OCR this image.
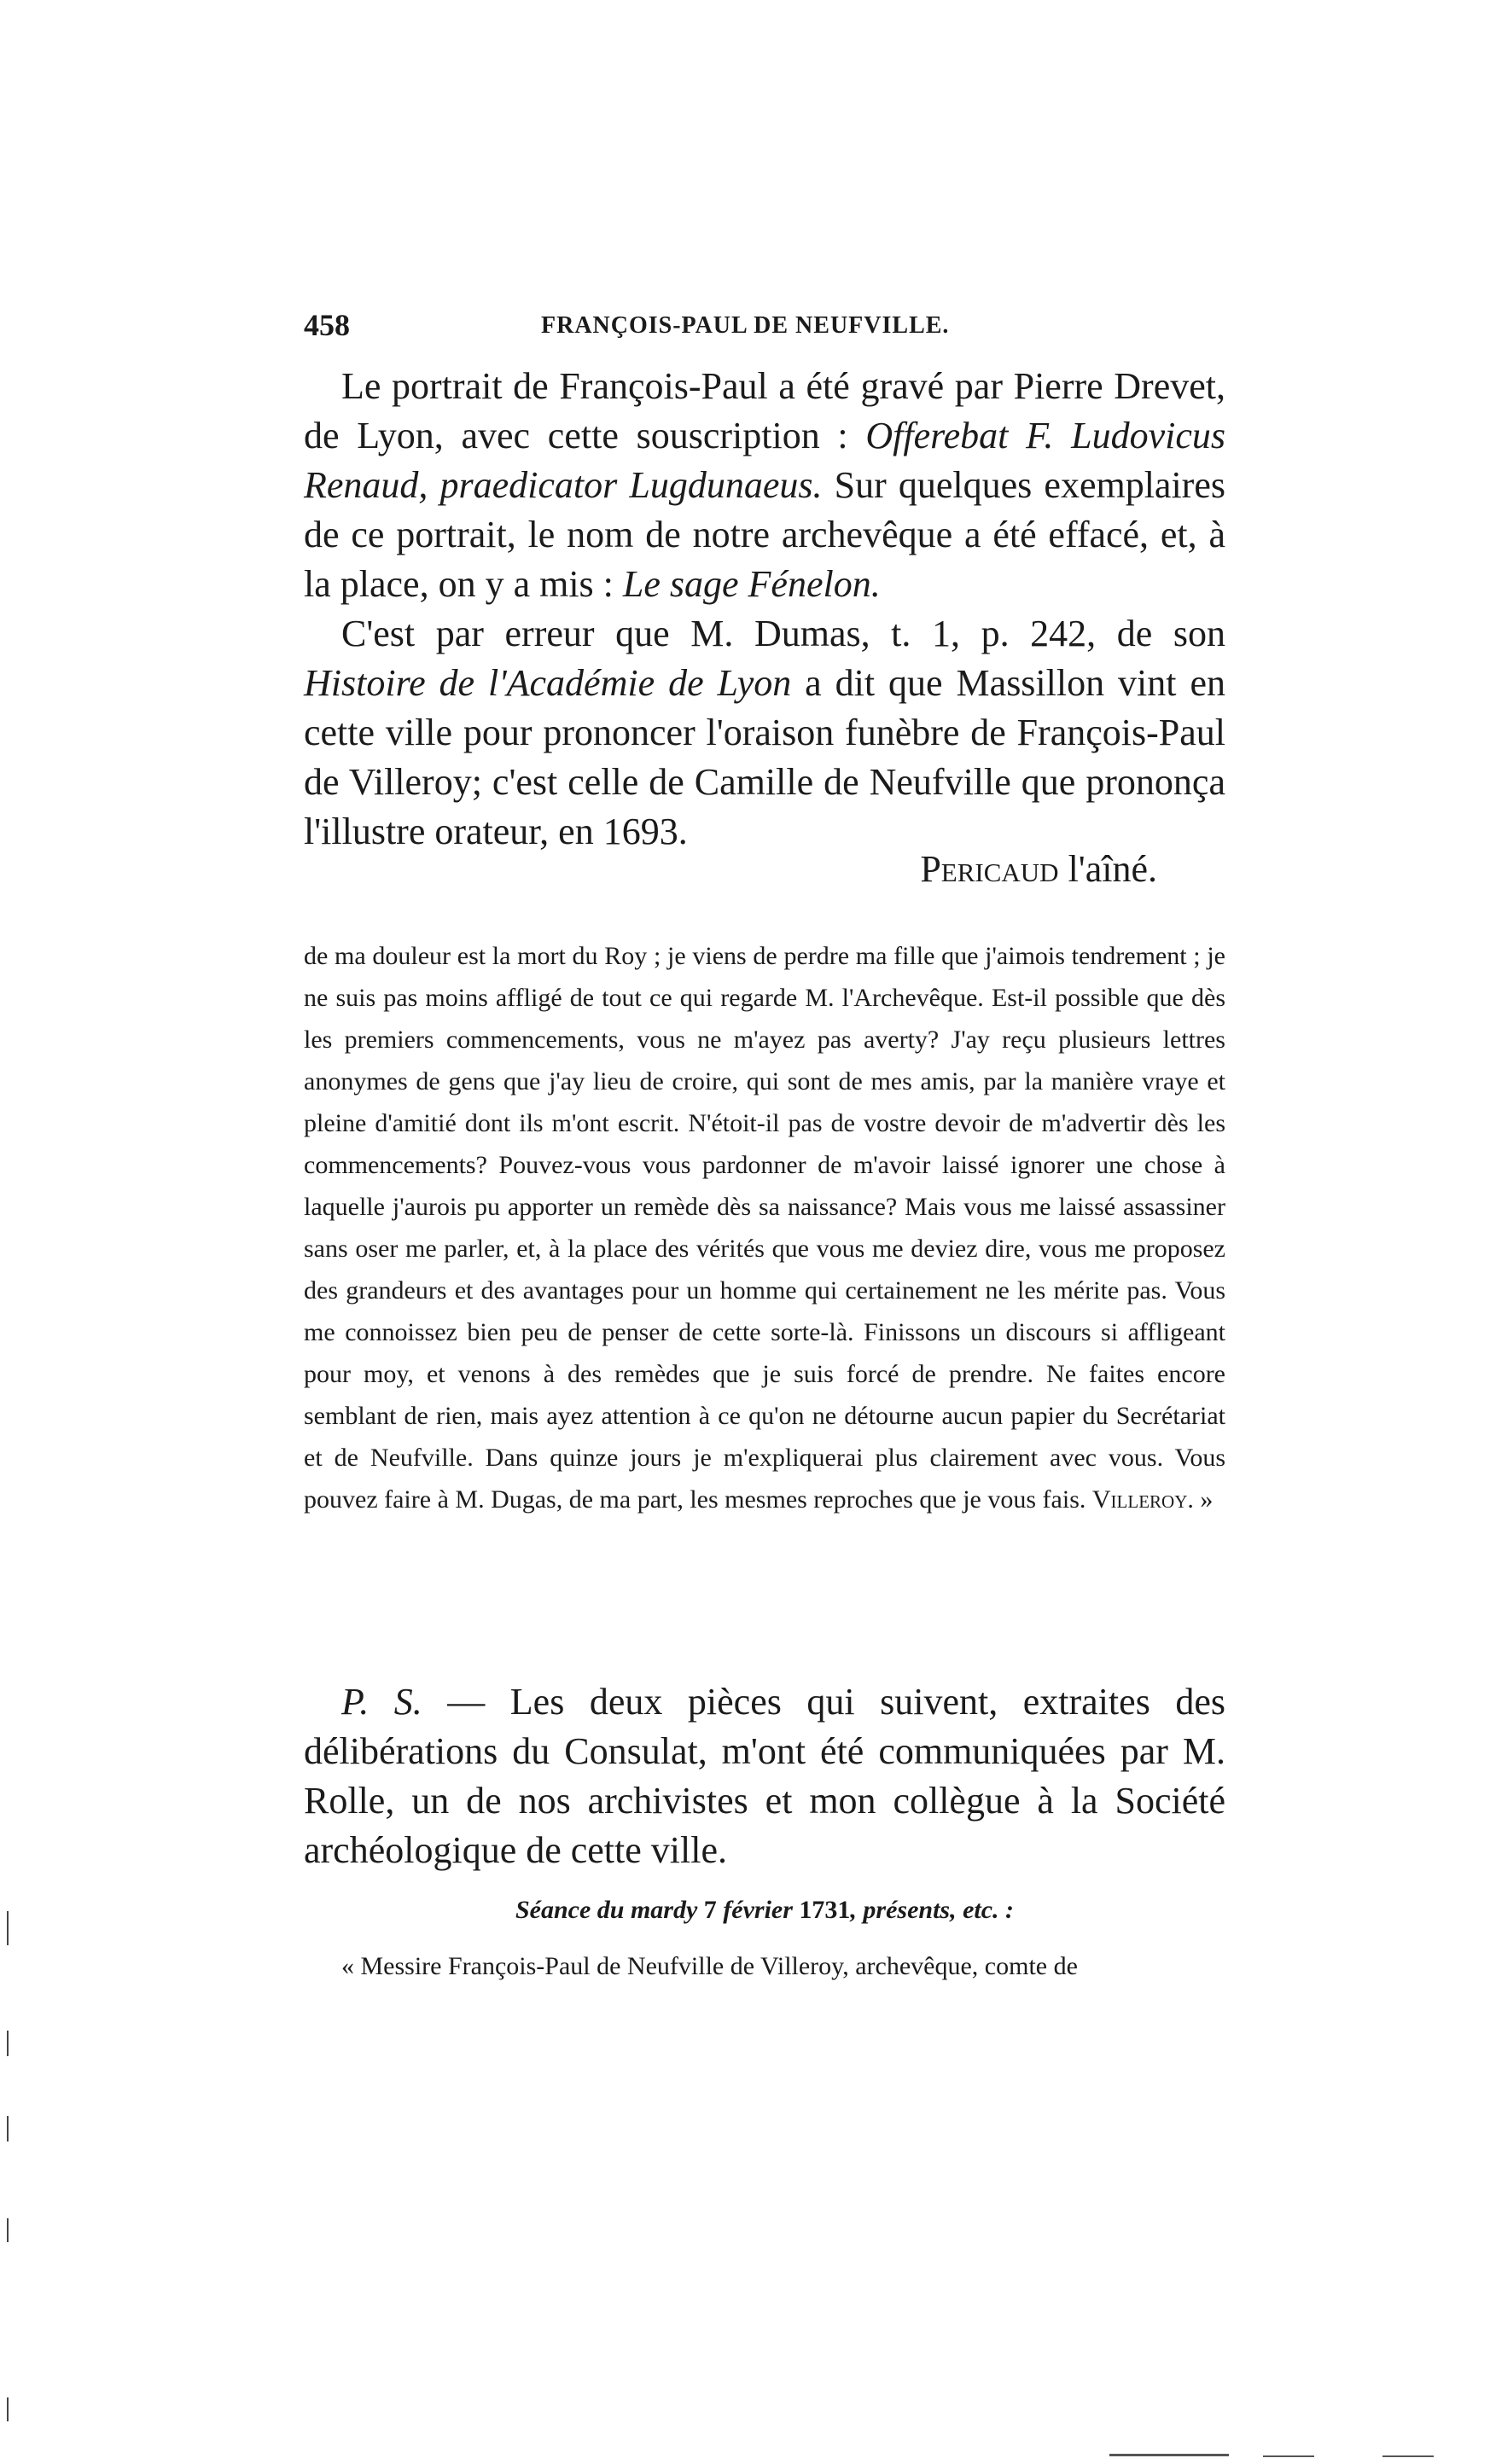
458	FRANÇOIS-PAUL DE NEUFVILLE.

Le portrait de François-Paul a été gravé par Pierre Drevet, de Lyon, avec cette souscription : Offerebat F. Ludovicus Renaud, praedicator Lugdunaeus. Sur quelques exemplaires de ce portrait, le nom de notre archevêque a été effacé, et, à la place, on y a mis : Le sage Fénelon.

C'est par erreur que M. Dumas, t. 1, p. 242, de son Histoire de l'Académie de Lyon a dit que Massillon vint en cette ville pour prononcer l'oraison funèbre de François-Paul de Villeroy; c'est celle de Camille de Neufville que prononça l'illustre orateur, en 1693.

Pericaud l'aîné.

de ma douleur est la mort du Roy ; je viens de perdre ma fille que j'aimois tendrement ; je ne suis pas moins affligé de tout ce qui regarde M. l'Archevêque. Est-il possible que dès les premiers commencements, vous ne m'ayez pas averty? J'ay reçu plusieurs lettres anonymes de gens que j'ay lieu de croire, qui sont de mes amis, par la manière vraye et pleine d'amitié dont ils m'ont escrit. N'étoit-il pas de vostre devoir de m'advertir dès les commencements? Pouvez-vous vous pardonner de m'avoir laissé ignorer une chose à laquelle j'aurois pu apporter un remède dès sa naissance? Mais vous me laissé assassiner sans oser me parler, et, à la place des vérités que vous me deviez dire, vous me proposez des grandeurs et des avantages pour un homme qui certainement ne les mérite pas. Vous me connoissez bien peu de penser de cette sorte-là. Finissons un discours si affligeant pour moy, et venons à des remèdes que je suis forcé de prendre. Ne faites encore semblant de rien, mais ayez attention à ce qu'on ne détourne aucun papier du Secrétariat et de Neufville. Dans quinze jours je m'expliquerai plus clairement avec vous. Vous pouvez faire à M. Dugas, de ma part, les mesmes reproches que je vous fais. Villeroy. »

P. S. — Les deux pièces qui suivent, extraites des délibérations du Consulat, m'ont été communiquées par M. Rolle, un de nos archivistes et mon collègue à la Société archéologique de cette ville.

Séance du mardy 7 février 1731, présents, etc. :

« Messire François-Paul de Neufville de Villeroy, archevêque, comte de
